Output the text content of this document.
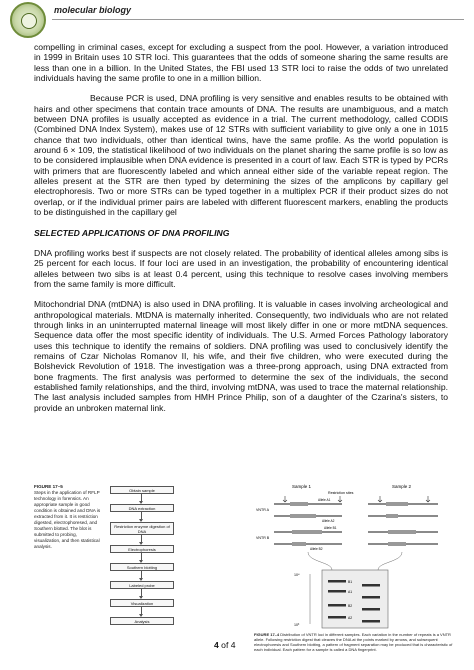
molecular biology

compelling in criminal cases, except for excluding a suspect from the pool. However, a variation introduced in 1999 in Britain uses 10 STR loci. This guarantees that the odds of someone sharing the same results are less than one in a billion. In the United States, the FBI used 13 STR loci to raise the odds of two unrelated individuals having the same profile to one in a million billion.

Because PCR is used, DNA profiling is very sensitive and enables results to be obtained with hairs and other specimens that contain trace amounts of DNA. The results are unambiguous, and a match between DNA profiles is usually accepted as evidence in a trial. The current methodology, called CODIS (Combined DNA Index System), makes use of 12 STRs with sufficient variability to give only a one in 1015 chance that two individuals, other than identical twins, have the same profile. As the world population is around 6 × 109, the statistical likelihood of two individuals on the planet sharing the same profile is so low as to be considered implausible when DNA evidence is presented in a court of law. Each STR is typed by PCRs with primers that are fluorescently labeled and which anneal either side of the variable repeat region. The alleles present at the STR are then typed by determining the sizes of the amplicons by capillary gel electrophoresis. Two or more STRs can be typed together in a multiplex PCR if their product sizes do not overlap, or if the individual primer pairs are labeled with different fluorescent markers, enabling the products to be distinguished in the capillary gel

SELECTED APPLICATIONS OF DNA PROFILING

DNA profiling works best if suspects are not closely related. The probability of identical alleles among sibs is 25 percent for each locus. If four loci are used in an investigation, the probability of encountering identical alleles between two sibs is at least 0.4 percent, using this technique to resolve cases involving members from the same family is more difficult.

Mitochondrial DNA (mtDNA) is also used in DNA profiling. It is valuable in cases involving archeological and anthropological materials. MtDNA is maternally inherited. Consequently, two individuals who are not related through links in an uninterrupted maternal lineage will most likely differ in one or more mtDNA sequences. Sequence data offer the most specific identity of individuals. The U.S. Armed Forces Pathology laboratory uses this technique to identify the remains of soldiers. DNA profiling was used to conclusively identify the remains of Czar Nicholas Romanov II, his wife, and their five children, who were executed during the Bolshevick Revolution of 1918. The investigation was a three-prong approach, using DNA extracted from bone fragments. The first analysis was performed to determine the sex of the individuals, the second established family relationships, and the third, involving mtDNA, was used to trace the maternal relationship. The last analysis included samples from HMH Prince Philip, son of a daughter of the Czarina's sisters, to provide an unbroken maternal link.

FIGURE 17–5
Steps in the application of RFLP technology in forensics. An appropriate sample in good condition is obtained and DNA is extracted from it. It is restriction digested, electrophoresed, and Southern blotted. The blot is submitted to probing, visualization, and then statistical analysis.
Obtain sample
DNA extraction
Restriction enzyme digestion of DNA
Electrophoresis
Southern blotting
Labeled probe
Visualization
Analysis
4 of 4
Sample 1	Sample 2
Restriction sites
VNTR A
Allele A1
Allele A2
VNTR B
Allele B1
Allele B2
10⁴
10³
B1
A1
B2
A2
FIGURE 17–4 Distribution of VNTR loci in different samples. Each variation in the number of repeats is a VNTR allele. Following restriction digest that cleaves the DNA at the points marked by arrows, and subsequent electrophoresis and Southern blotting, a pattern of fragment separation may be produced that is characteristic of each individual. Each pattern for a sample is called a DNA fingerprint.
